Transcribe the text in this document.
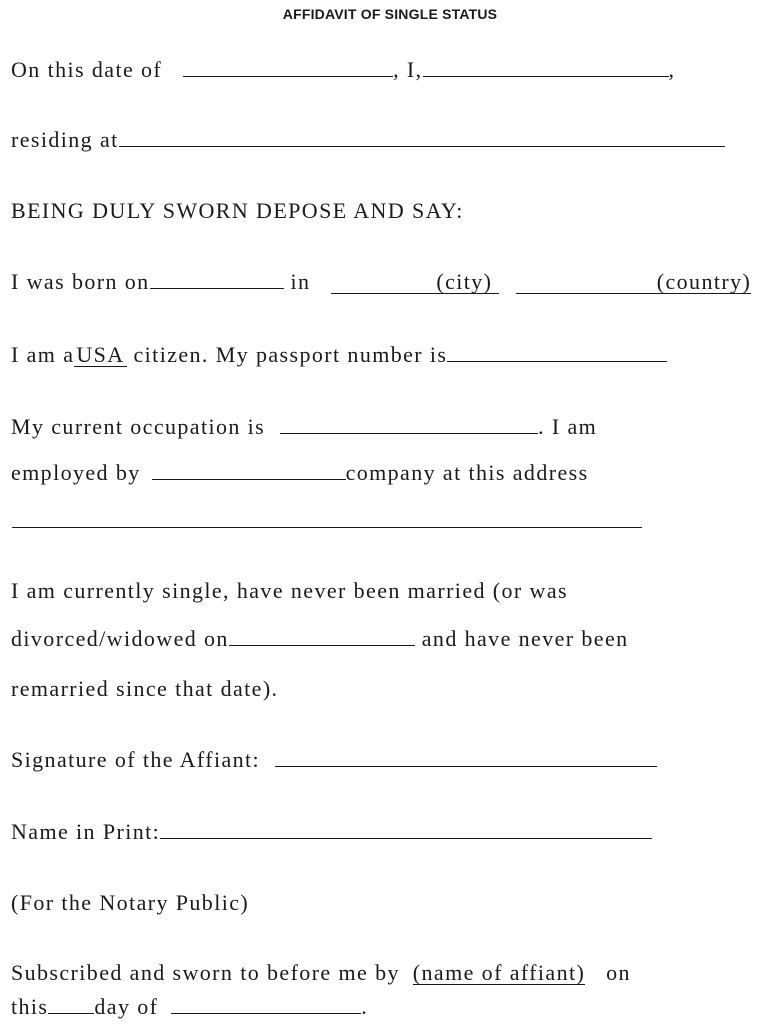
AFFIDAVIT OF SINGLE STATUS
On this date of	, I,	,
residing at
BEING DULY SWORN DEPOSE AND SAY:
I was born on	in	(city)	(country)
I am aUSA citizen. My passport number is
My current occupation is	. I am
employed by	company at this address
I am currently single, have never been married (or was
divorced/widowed on	and have never been
remarried since that date).
Signature of the Affiant:
Name in Print:
(For the Notary Public)
Subscribed and sworn to before me by (name of affiant) on
this day of	.
